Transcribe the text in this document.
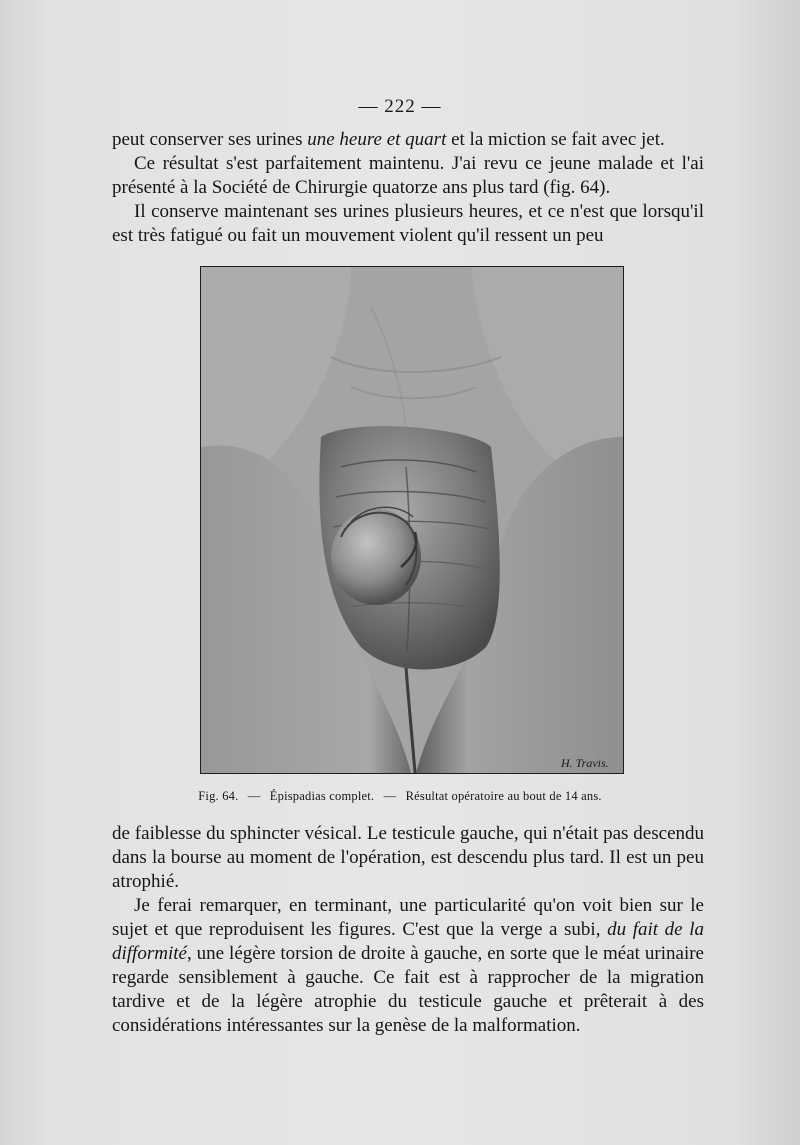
— 222 —

peut conserver ses urines une heure et quart et la miction se fait avec jet.

Ce résultat s'est parfaitement maintenu. J'ai revu ce jeune malade et l'ai présenté à la Société de Chirurgie quatorze ans plus tard (fig. 64).

Il conserve maintenant ses urines plusieurs heures, et ce n'est que lorsqu'il est très fatigué ou fait un mouvement violent qu'il ressent un peu

H. Travis.
Fig. 64. — Épispadias complet. — Résultat opératoire au bout de 14 ans.

de faiblesse du sphincter vésical. Le testicule gauche, qui n'était pas descendu dans la bourse au moment de l'opération, est descendu plus tard. Il est un peu atrophié.

Je ferai remarquer, en terminant, une particularité qu'on voit bien sur le sujet et que reproduisent les figures. C'est que la verge a subi, du fait de la difformité, une légère torsion de droite à gauche, en sorte que le méat urinaire regarde sensiblement à gauche. Ce fait est à rapprocher de la migration tardive et de la légère atrophie du testicule gauche et prêterait à des considérations intéressantes sur la genèse de la malformation.
